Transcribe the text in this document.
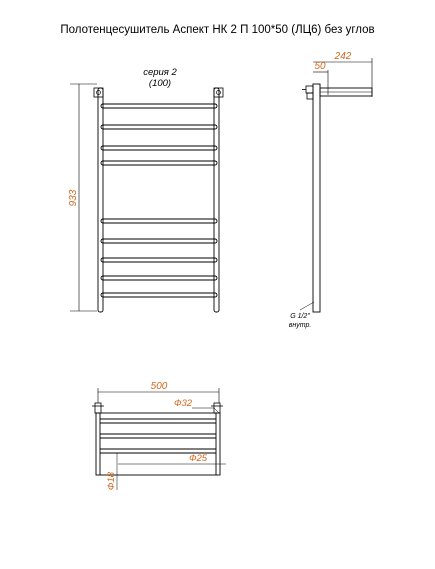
Полотенцесушитель Аспект НК 2 П 100*50 (ЛЦ6) без углов
серия 2
(100)
933
242
50
G 1/2"
внутр.
500
Ф32
Ф25
Ф18
